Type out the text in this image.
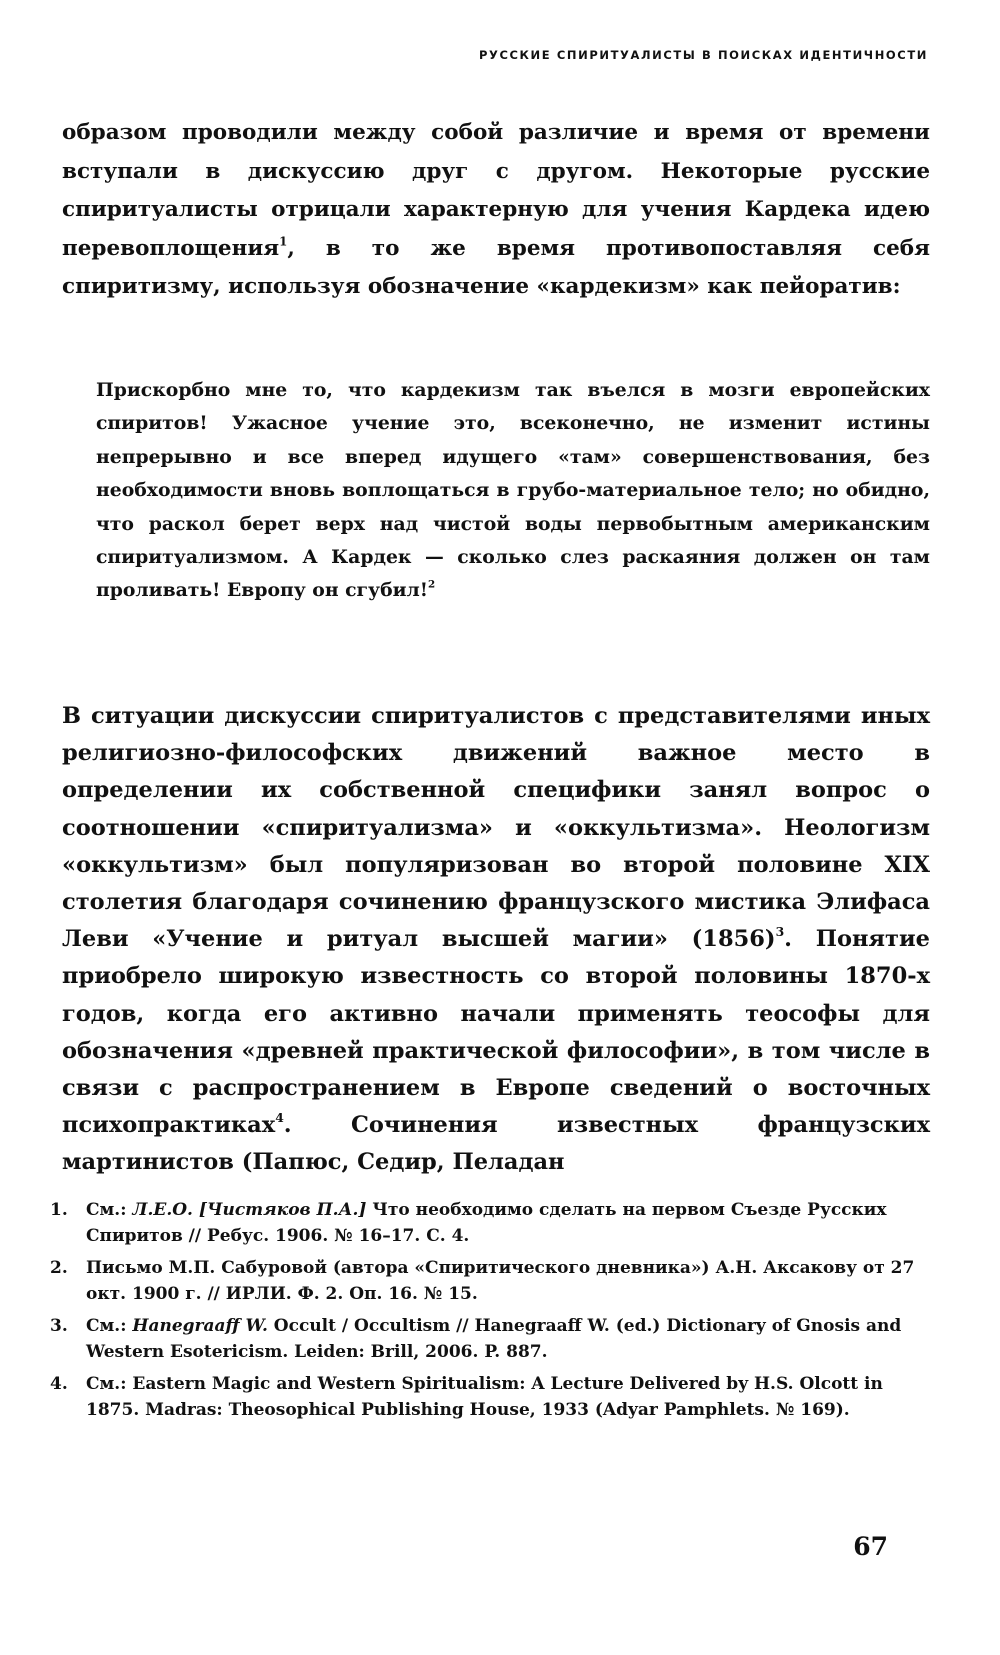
РУССКИЕ СПИРИТУАЛИСТЫ В ПОИСКАХ ИДЕНТИЧНОСТИ

образом проводили между собой различие и время от времени вступали в дискуссию друг с другом. Некоторые русские спиритуалисты отрицали характерную для учения Кардека идею перевоплощения$^1$, в то же время противопоставляя себя спиритизму, используя обозначение «кардекизм» как пейоратив:

Прискорбно мне то, что кардекизм так въелся в мозги европейских спиритов! Ужасное учение это, всеконечно, не изменит истины непрерывно и все вперед идущего «там» совершенствования, без необходимости вновь воплощаться в грубо-материальное тело; но обидно, что раскол берет верх над чистой воды первобытным американским спиритуализмом. А Кардек — сколько слез раскаяния должен он там проливать! Европу он сгубил!$^2$

В ситуации дискуссии спиритуалистов с представителями иных религиозно-философских движений важное место в определении их собственной специфики занял вопрос о соотношении «спиритуализма» и «оккультизма». Неологизм «оккультизм» был популяризован во второй половине XIX столетия благодаря сочинению французского мистика Элифаса Леви «Учение и ритуал высшей магии» (1856)$^3$. Понятие приобрело широкую известность со второй половины 1870-х годов, когда его активно начали применять теософы для обозначения «древней практической философии», в том числе в связи с распространением в Европе сведений о восточных психопрактиках$^4$. Сочинения известных французских мартинистов (Папюс, Седир, Пеладан

1. См.: Л.Е.О. [Чистяков П.А.] Что необходимо сделать на первом Съезде Русских Спиритов // Ребус. 1906. № 16–17. С. 4.
2. Письмо М.П. Сабуровой (автора «Спиритического дневника») А.Н. Аксакову от 27 окт. 1900 г. // ИРЛИ. Ф. 2. Оп. 16. № 15.
3. См.: Hanegraaff W. Occult / Occultism // Hanegraaff W. (ed.) Dictionary of Gnosis and Western Esotericism. Leiden: Brill, 2006. P. 887.
4. См.: Eastern Magic and Western Spiritualism: A Lecture Delivered by H.S. Olcott in 1875. Madras: Theosophical Publishing House, 1933 (Adyar Pamphlets. № 169).
67
